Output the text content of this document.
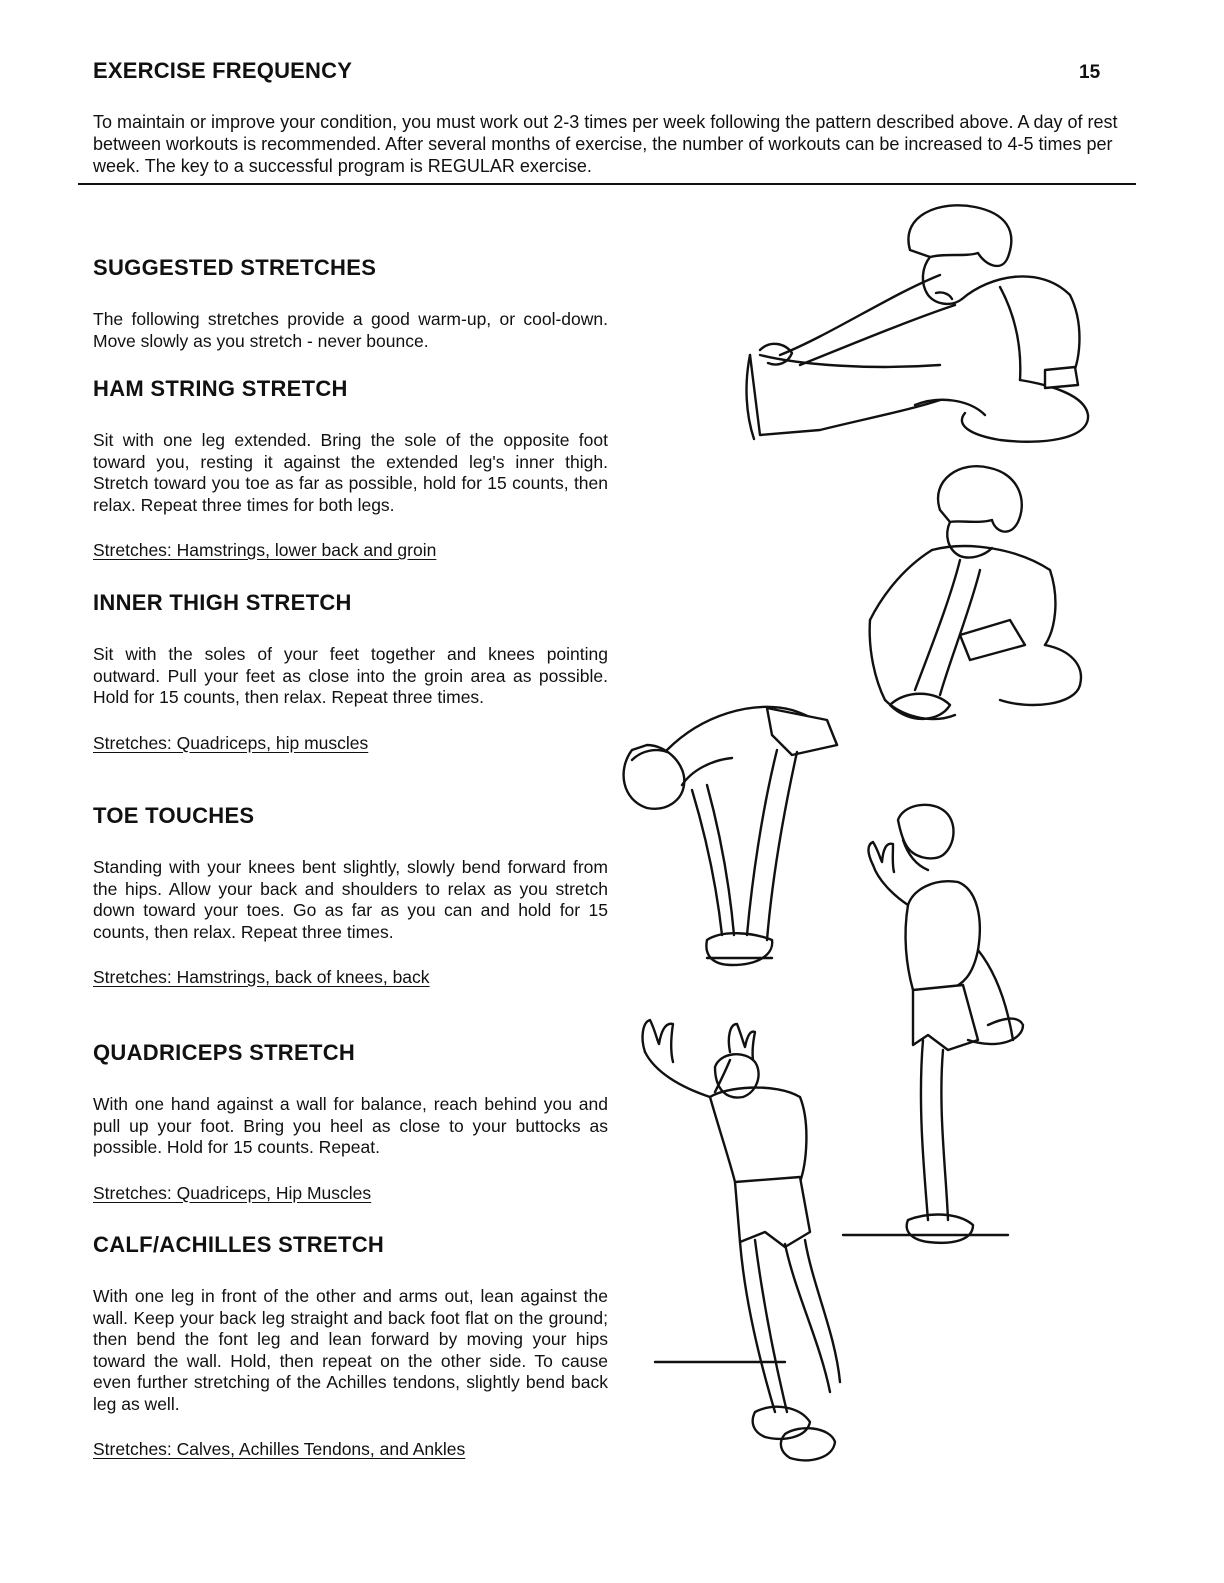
EXERCISE FREQUENCY	15
To maintain or improve your condition, you must work out 2-3 times per week following the pattern described above. A day of rest between workouts is recommended. After several months of exercise, the number of workouts can be increased to 4-5 times per week. The key to a successful program is REGULAR exercise.
SUGGESTED STRETCHES

The following stretches provide a good warm-up, or cool-down. Move slowly as you stretch - never bounce.

HAM STRING STRETCH

Sit with one leg extended. Bring the sole of the opposite foot toward you, resting it against the extended leg's inner thigh. Stretch toward you toe as far as possible, hold for 15 counts, then relax. Repeat three times for both legs.

Stretches: Hamstrings, lower back and groin
INNER THIGH STRETCH

Sit with the soles of your feet together and knees pointing outward. Pull your feet as close into the groin area as possible. Hold for 15 counts, then relax. Repeat three times.

Stretches: Quadriceps, hip muscles
TOE TOUCHES

Standing with your knees bent slightly, slowly bend forward from the hips. Allow your back and shoulders to relax as you stretch down toward your toes. Go as far as you can and hold for 15 counts, then relax. Repeat three times.

Stretches: Hamstrings, back of knees, back
QUADRICEPS STRETCH

With one hand against a wall for balance, reach behind you and pull up your foot. Bring you heel as close to your buttocks as possible. Hold for 15 counts. Repeat.

Stretches: Quadriceps, Hip Muscles
CALF/ACHILLES STRETCH

With one leg in front of the other and arms out, lean against the wall. Keep your back leg straight and back foot flat on the ground; then bend the font leg and lean forward by moving your hips toward the wall. Hold, then repeat on the other side. To cause even further stretching of the Achilles tendons, slightly bend back leg as well.

Stretches: Calves, Achilles Tendons, and Ankles
